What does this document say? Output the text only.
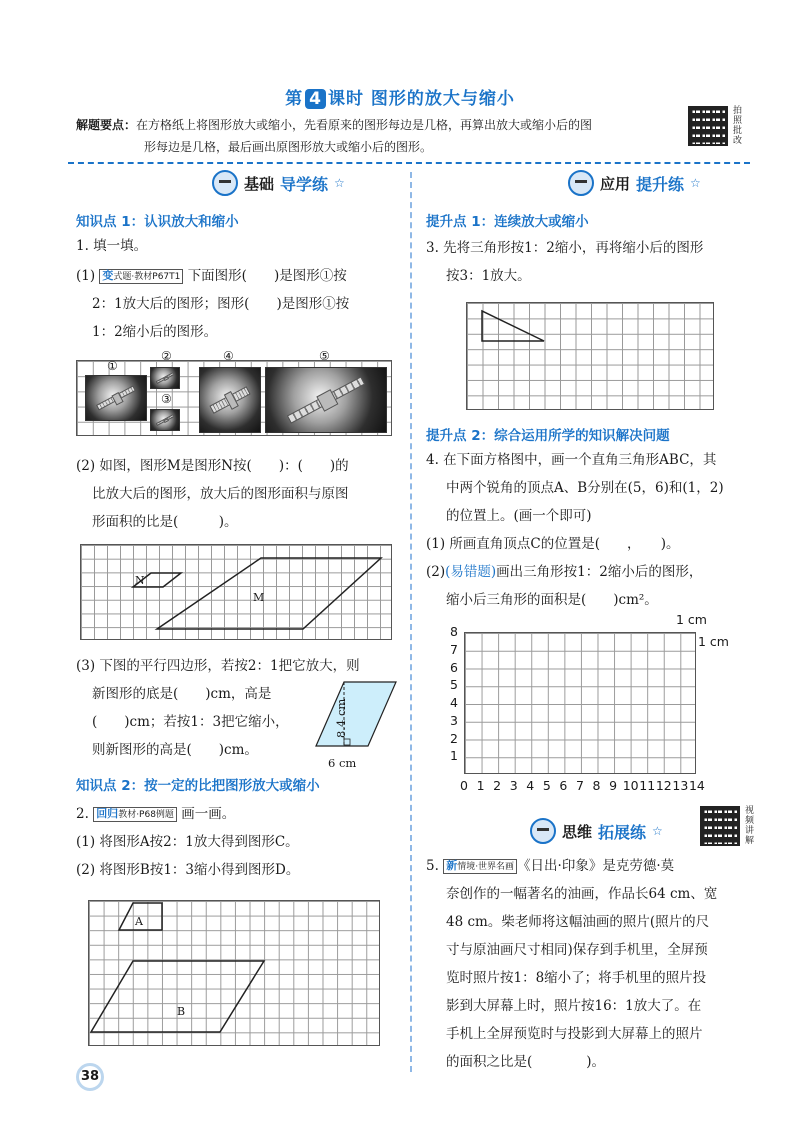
第 4 课时 图形的放大与缩小
解题要点：在方格纸上将图形放大或缩小，先看原来的图形每边是几格，再算出放大或缩小后的图
形每边是几格，最后画出原图形放大或缩小后的图形。
拍照批改
基础 导学练 ☆
知识点 1：认识放大和缩小
1. 填一填。
(1) 变式题·教材P67T1 下面图形(　　)是图形①按
2：1放大后的图形；图形(　　)是图形①按
1：2缩小后的图形。
①
②	④	⑤
③
(2) 如图，图形M是图形N按(　　)：(　　)的
比放大后的图形，放大后的图形面积与原图
形面积的比是(　　　)。
N
M
(3) 下图的平行四边形，若按2：1把它放大，则
新图形的底是(　　)cm，高是
(　　)cm；若按1：3把它缩小，
则新图形的高是(　　)cm。
8.4 cm
6 cm
知识点 2：按一定的比把图形放大或缩小
2. 回归教材·P68例题 画一画。
(1) 将图形A按2：1放大得到图形C。
(2) 将图形B按1：3缩小得到图形D。
A
B
38
应用 提升练 ☆
提升点 1：连续放大或缩小
3. 先将三角形按1：2缩小，再将缩小后的图形
按3：1放大。
提升点 2：综合运用所学的知识解决问题
4. 在下面方格图中，画一个直角三角形ABC，其
中两个锐角的顶点A、B分别在(5，6)和(1，2)
的位置上。(画一个即可)
(1) 所画直角顶点C的位置是(　　，　　)。
(2)(易错题)画出三角形按1：2缩小后的图形，
缩小后三角形的面积是(　　)cm²。
1 cm
1 cm
8
7
6
5
4
3
2
1
0 1 2 3 4 5 6 7 8 9 10 11 12 13 14
视频讲解
思维 拓展练 ☆
5. 新情境·世界名画 《日出·印象》是克劳德·莫
奈创作的一幅著名的油画，作品长64 cm、宽
48 cm。柴老师将这幅油画的照片(照片的尺
寸与原油画尺寸相同)保存到手机里，全屏预
览时照片按1：8缩小了；将手机里的照片投
影到大屏幕上时，照片按16：1放大了。在
手机上全屏预览时与投影到大屏幕上的照片
的面积之比是(　　　　)。
